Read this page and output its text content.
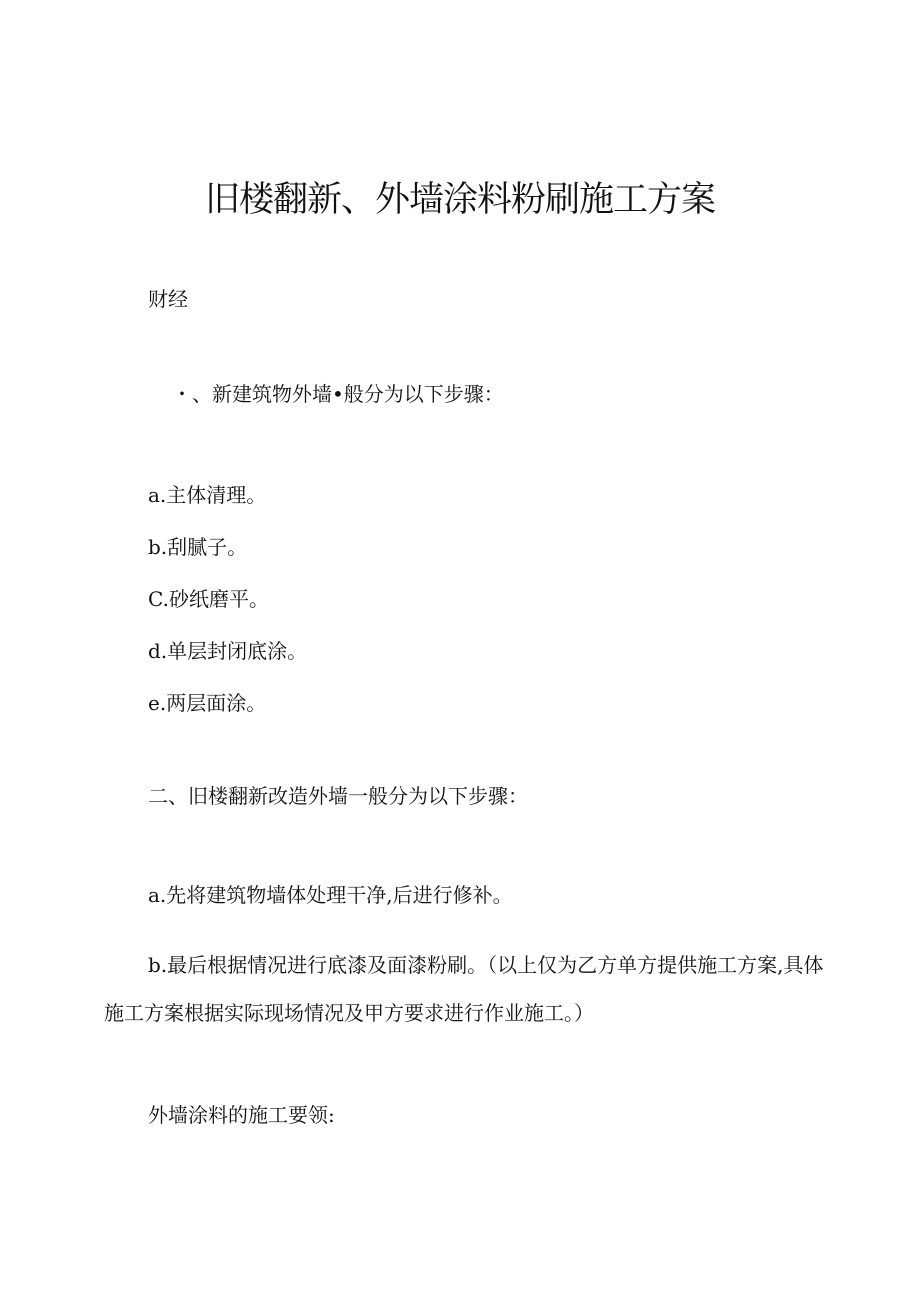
旧楼翻新、外墙涂料粉刷施工方案

财经

・、新建筑物外墙•般分为以下步骤：

a.主体清理。

b.刮腻子。

C.砂纸磨平。

d.单层封闭底涂。

e.两层面涂。

二、旧楼翻新改造外墙一般分为以下步骤：

a.先将建筑物墙体处理干净,后进行修补。

b.最后根据情况进行底漆及面漆粉刷。（以上仅为乙方单方提供施工方案,具体施工方案根据实际现场情况及甲方要求进行作业施工。）

外墙涂料的施工要领:
